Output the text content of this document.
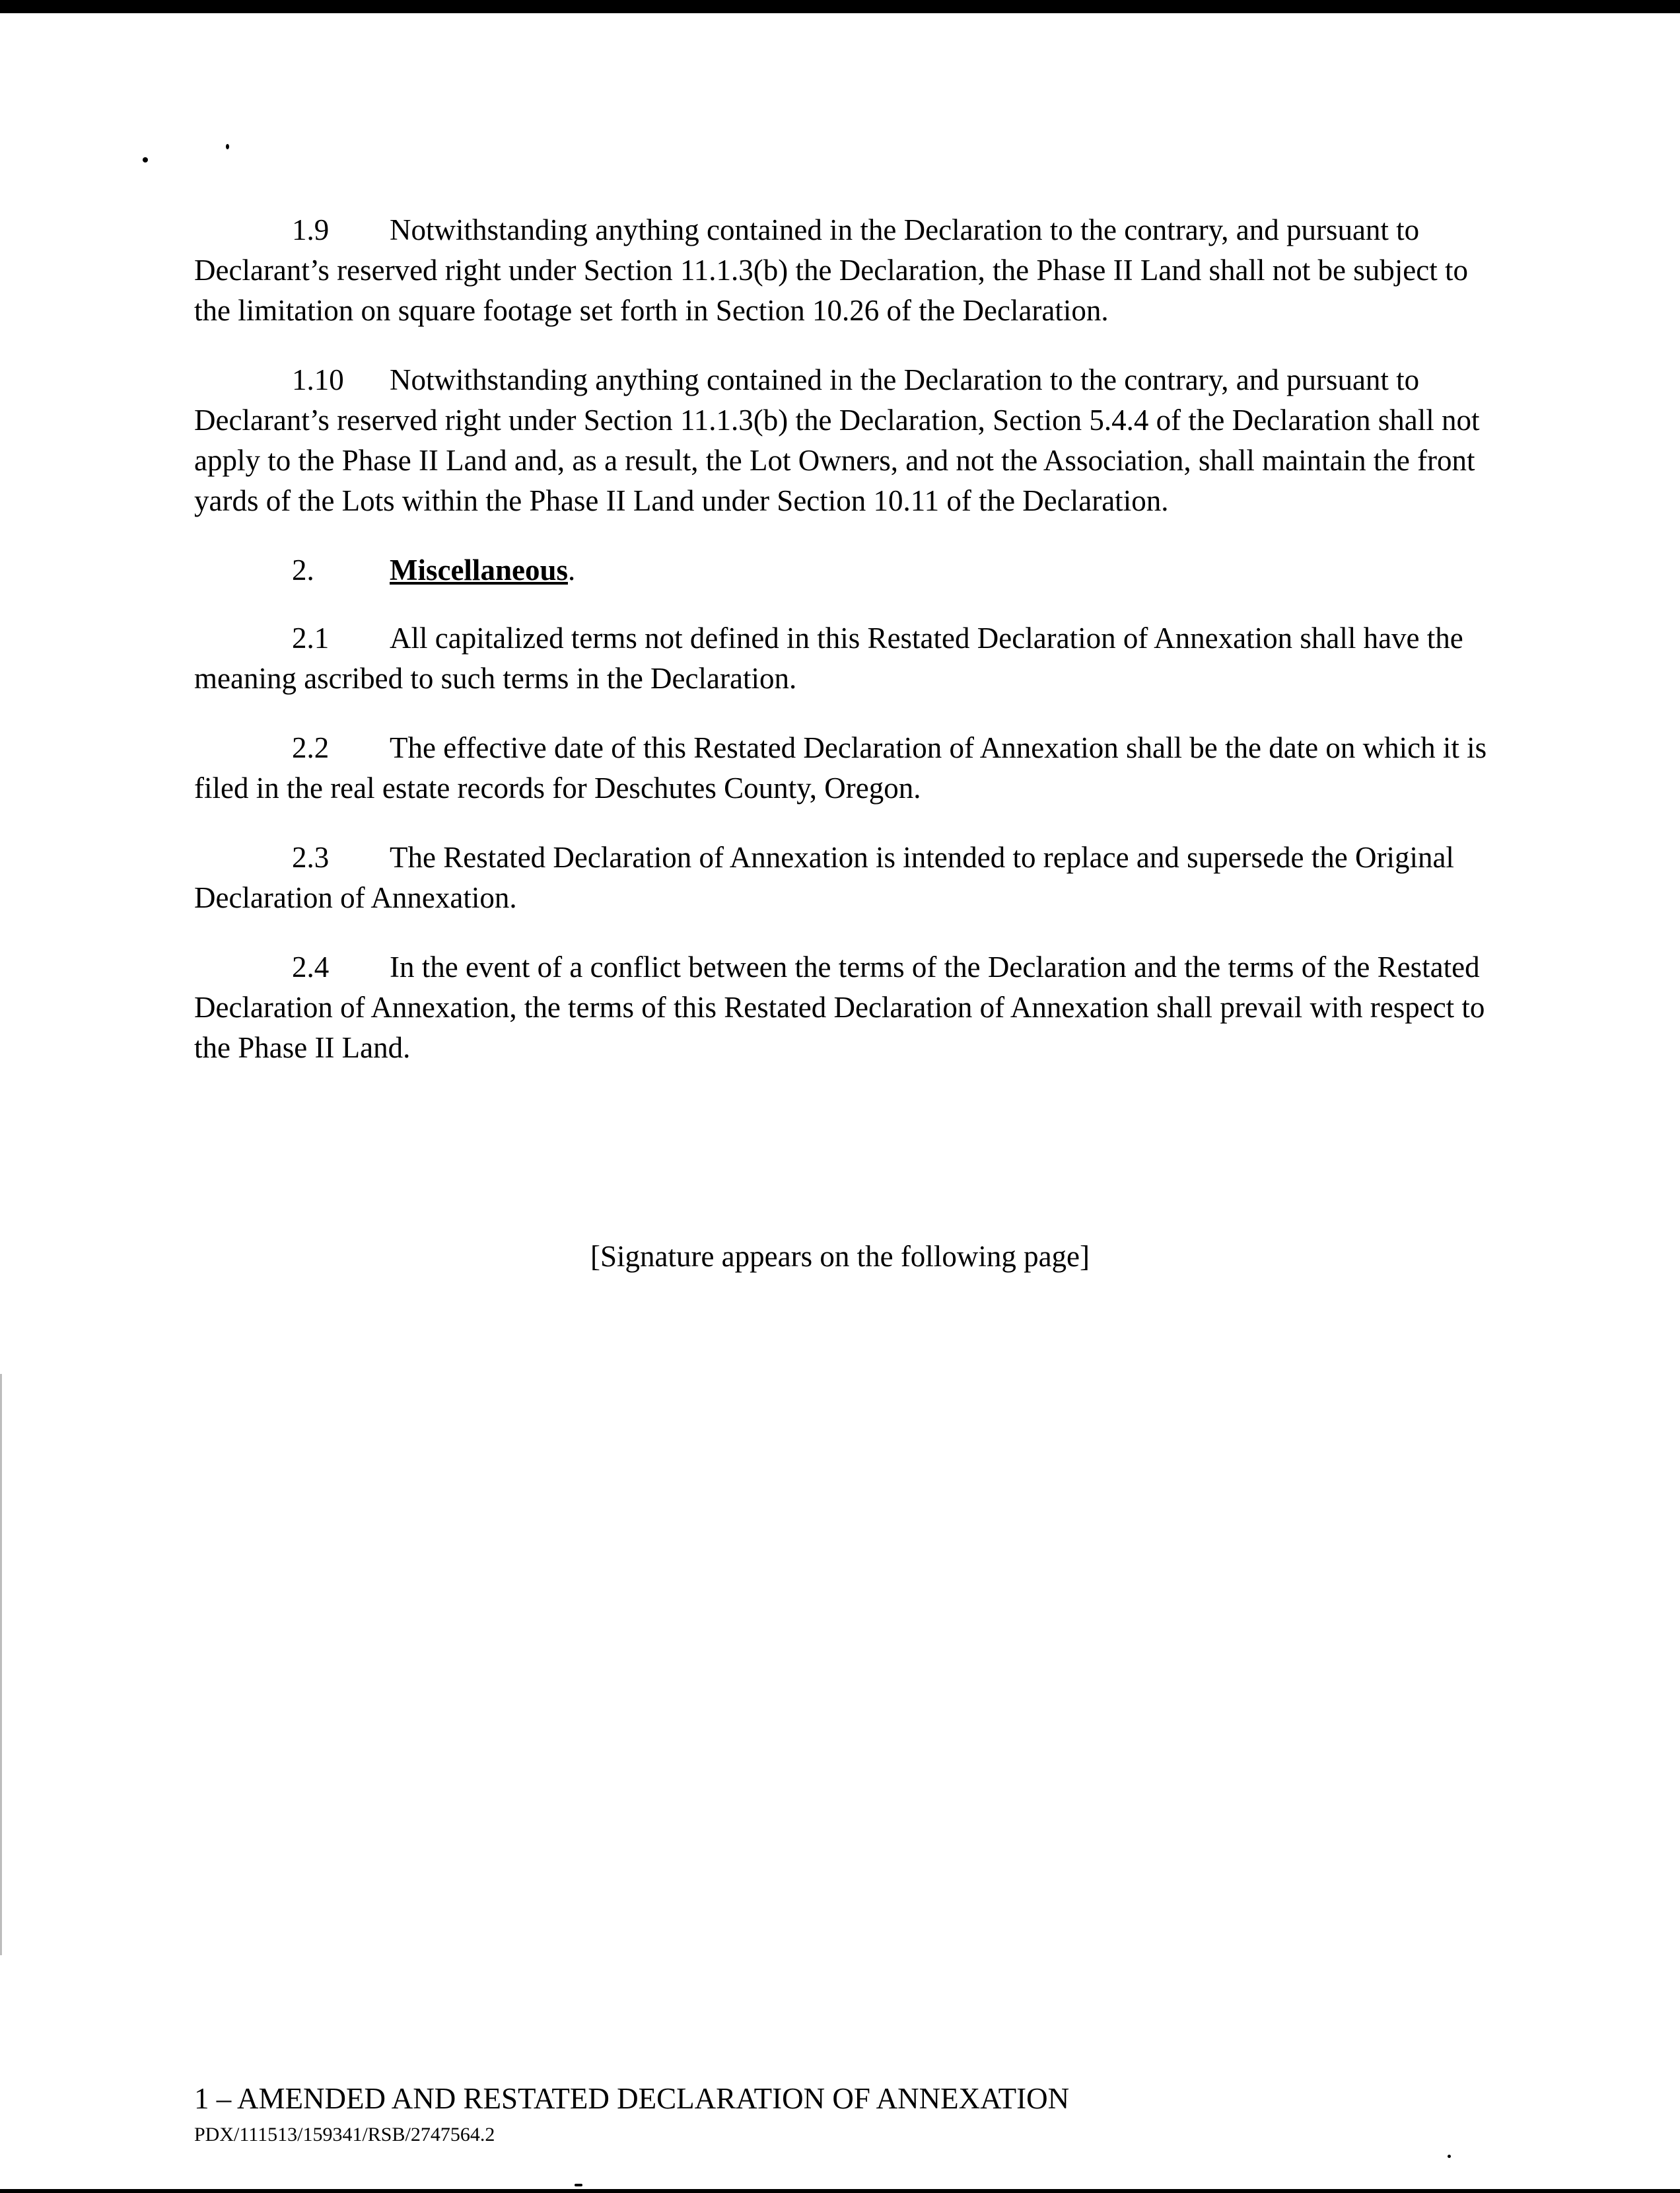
1.9 Notwithstanding anything contained in the Declaration to the contrary, and pursuant to Declarant’s reserved right under Section 11.1.3(b) the Declaration, the Phase II Land shall not be subject to the limitation on square footage set forth in Section 10.26 of the Declaration.

1.10 Notwithstanding anything contained in the Declaration to the contrary, and pursuant to Declarant’s reserved right under Section 11.1.3(b) the Declaration, Section 5.4.4 of the Declaration shall not apply to the Phase II Land and, as a result, the Lot Owners, and not the Association, shall maintain the front yards of the Lots within the Phase II Land under Section 10.11 of the Declaration.

2.	Miscellaneous.

2.1 All capitalized terms not defined in this Restated Declaration of Annexation shall have the meaning ascribed to such terms in the Declaration.

2.2 The effective date of this Restated Declaration of Annexation shall be the date on which it is filed in the real estate records for Deschutes County, Oregon.

2.3 The Restated Declaration of Annexation is intended to replace and supersede the Original Declaration of Annexation.

2.4 In the event of a conflict between the terms of the Declaration and the terms of the Restated Declaration of Annexation, the terms of this Restated Declaration of Annexation shall prevail with respect to the Phase II Land.

[Signature appears on the following page]
1 – AMENDED AND RESTATED DECLARATION OF ANNEXATION
PDX/111513/159341/RSB/2747564.2
